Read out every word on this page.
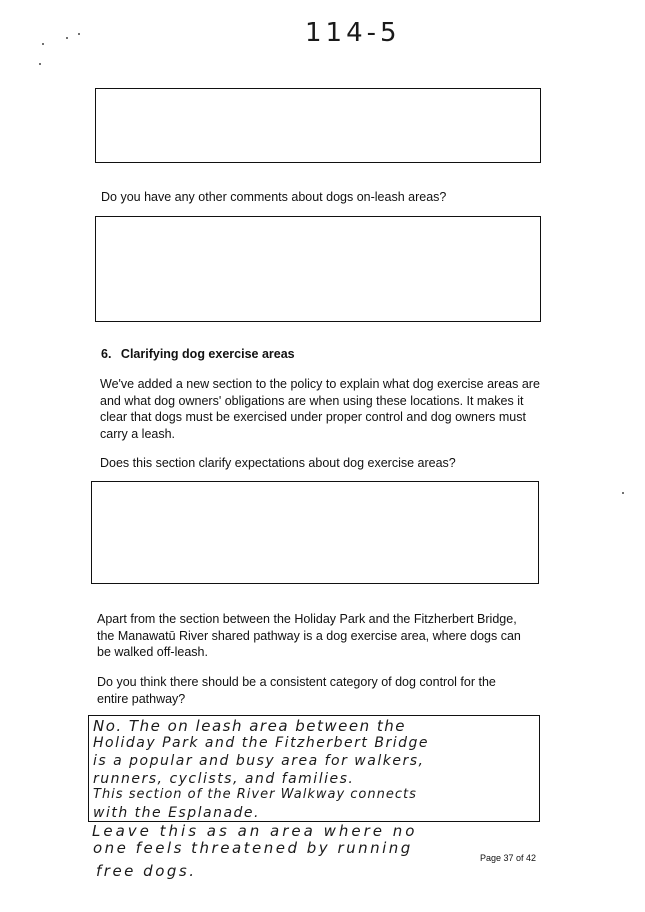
114-5
Do you have any other comments about dogs on-leash areas?
6. Clarifying dog exercise areas
We've added a new section to the policy to explain what dog exercise areas are and what dog owners' obligations are when using these locations. It makes it clear that dogs must be exercised under proper control and dog owners must carry a leash.
Does this section clarify expectations about dog exercise areas?
Apart from the section between the Holiday Park and the Fitzherbert Bridge, the Manawatū River shared pathway is a dog exercise area, where dogs can be walked off-leash.
Do you think there should be a consistent category of dog control for the entire pathway?
No. The on leash area between the
Holiday Park and the Fitzherbert Bridge
is a popular and busy area for walkers,
runners, cyclists, and families.
This section of the River Walkway connects
with the Esplanade.
Leave this as an area where no
one feels threatened by running
free dogs.
Page 37 of 42
